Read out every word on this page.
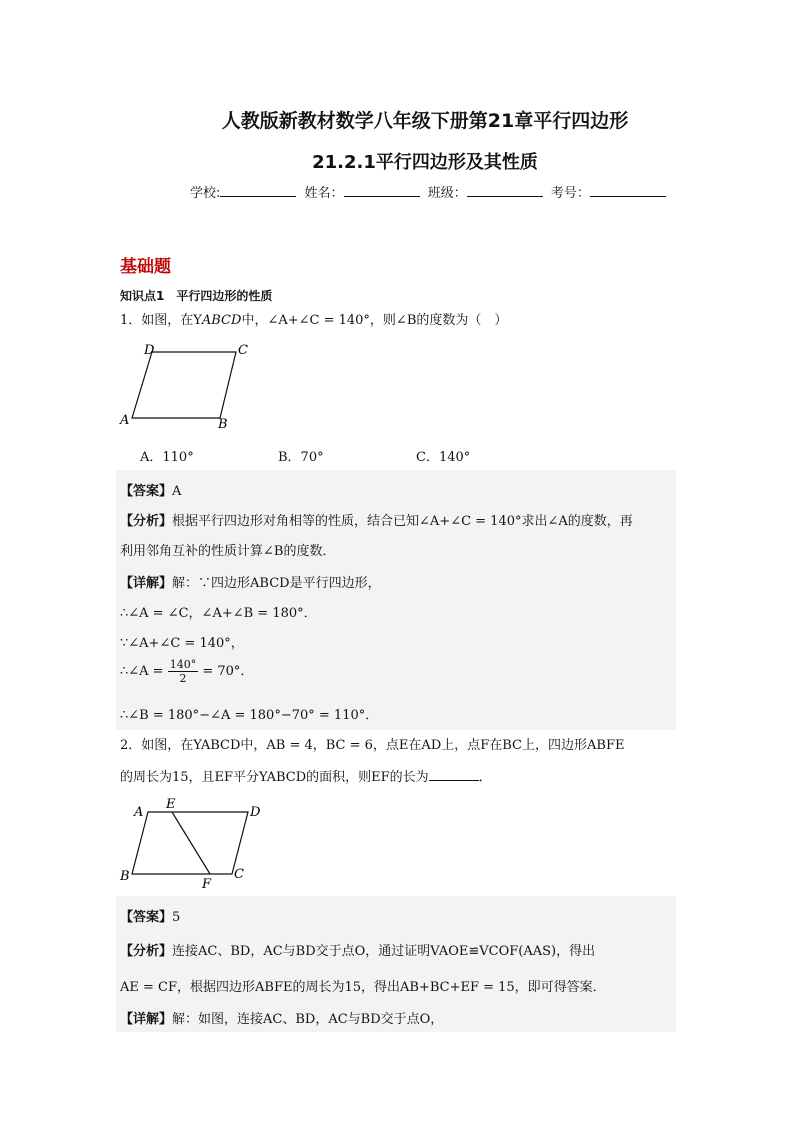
人教版新教材数学八年级下册第21章平行四边形
21.2.1平行四边形及其性质
学校:	姓名：	班级：	考号：
基础题
知识点1　平行四边形的性质
1．如图，在YABCD中，∠A+∠C = 140°，则∠B的度数为（　）
D	C
A	B
A．110°	B．70°	C．140°
【答案】A
【分析】根据平行四边形对角相等的性质，结合已知∠A+∠C = 140°求出∠A的度数，再
利用邻角互补的性质计算∠B的度数．
【详解】解：∵四边形ABCD是平行四边形，
∴∠A = ∠C，∠A+∠B = 180°．
∵∠A+∠C = 140°，
∴∠A = $\frac{140^\circ}{2} = 70^\circ$．
∴∠B = 180°−∠A = 180°−70° = 110°．
2．如图，在YABCD中，AB = 4，BC = 6，点E在AD上，点F在BC上，四边形ABFE
的周长为15，且EF平分YABCD的面积，则EF的长为	．
A
E
D
B
F
C
【答案】5
【分析】连接AC、BD，AC与BD交于点O，通过证明VAOE≌VCOF(AAS)，得出
AE = CF，根据四边形ABFE的周长为15，得出AB+BC+EF = 15，即可得答案．
【详解】解：如图，连接AC、BD，AC与BD交于点O，
